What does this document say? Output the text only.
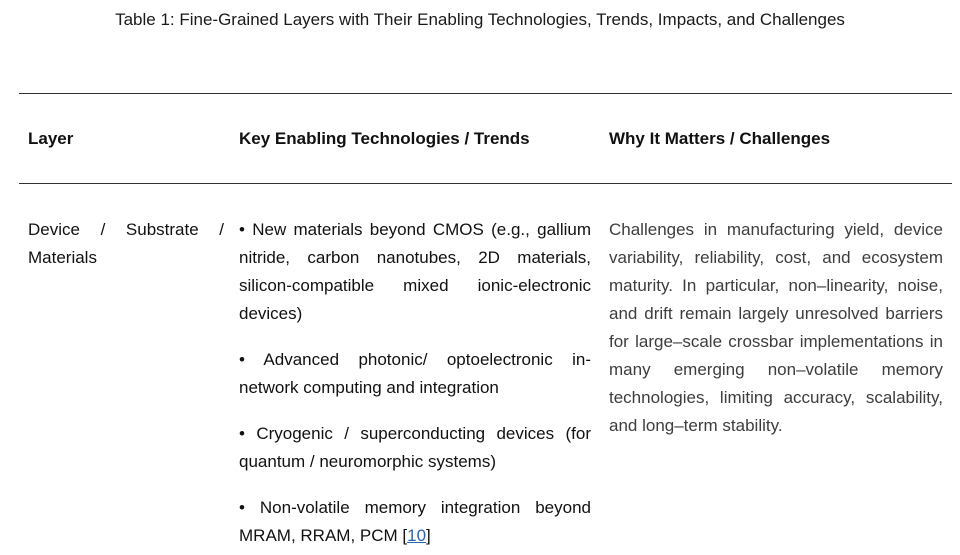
Table 1: Fine-Grained Layers with Their Enabling Technologies, Trends, Impacts, and Challenges
Layer	Key Enabling Technologies / Trends	Why It Matters / Challenges
Device / Substrate / Materials
• New materials beyond CMOS (e.g., gallium nitride, carbon nanotubes, 2D materials, silicon-compatible mixed ionic-electronic devices)
• Advanced photonic/ optoelectronic in-network computing and integration
• Cryogenic / superconducting devices (for quantum / neuromorphic systems)
• Non-volatile memory integration beyond MRAM, RRAM, PCM [10]
Challenges in manufacturing yield, device variability, reliability, cost, and ecosystem maturity. In particular, non–linearity, noise, and drift remain largely unresolved barriers for large–scale crossbar implementations in many emerging non–volatile memory technologies, limiting accuracy, scalability, and long–term stability.
